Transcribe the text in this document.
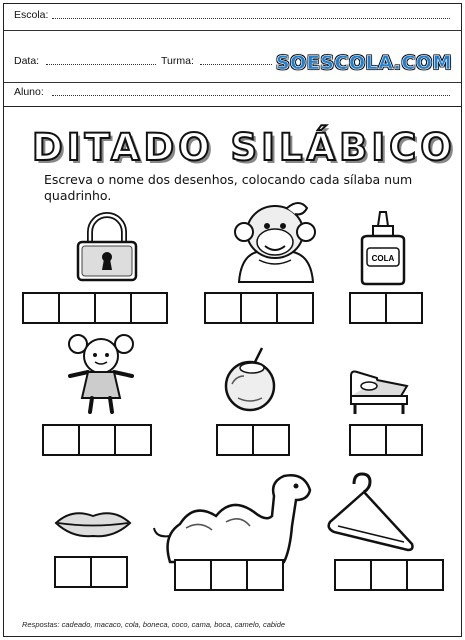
Escola:
Data:	Turma:
Aluno:
SOESCOLA.COM
DITADO SILÁBICO
Escreva o nome dos desenhos, colocando cada sílaba num quadrinho.
COLA
Respostas: cadeado, macaco, cola, boneca, coco, cama, boca, camelo, cabide
